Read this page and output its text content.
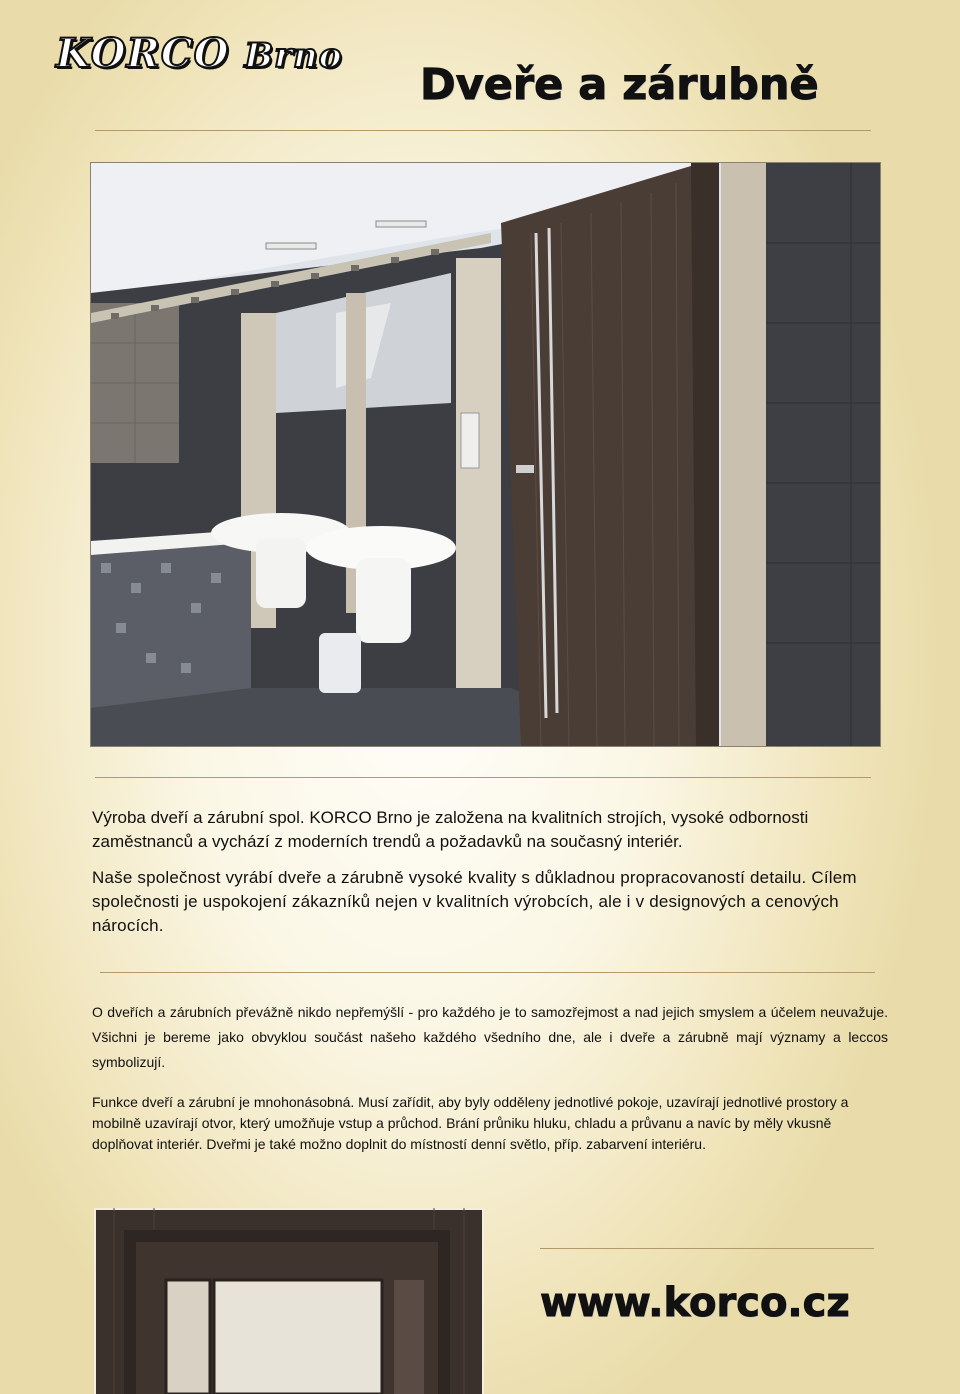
KORCO Brno
Dveře a zárubně

Výroba dveří a zárubní spol. KORCO Brno je založena na kvalitních strojích, vysoké odbornosti zaměstnanců a vychází z moderních trendů a požadavků na současný interiér.

Naše společnost vyrábí dveře a zárubně vysoké kvality s důkladnou propracovaností detailu. Cílem společnosti je uspokojení zákazníků nejen v kvalitních výrobcích, ale i v designových a cenových nárocích.

O dveřích a zárubních převážně nikdo nepřemýšlí - pro každého je to samozřejmost a nad jejich smyslem a účelem neuvažuje. Všichni je bereme jako obvyklou součást našeho každého všedního dne, ale i dveře a zárubně mají významy a leccos symbolizují.

Funkce dveří a zárubní je mnohonásobná. Musí zařídit, aby byly odděleny jednotlivé pokoje, uzavírají jednotlivé prostory a mobilně uzavírají otvor, který umožňuje vstup a průchod. Brání průniku hluku, chladu a průvanu a navíc by měly vkusně doplňovat interiér. Dveřmi je také možno doplnit do místností denní světlo, příp. zabarvení interiéru.

www.korco.cz
